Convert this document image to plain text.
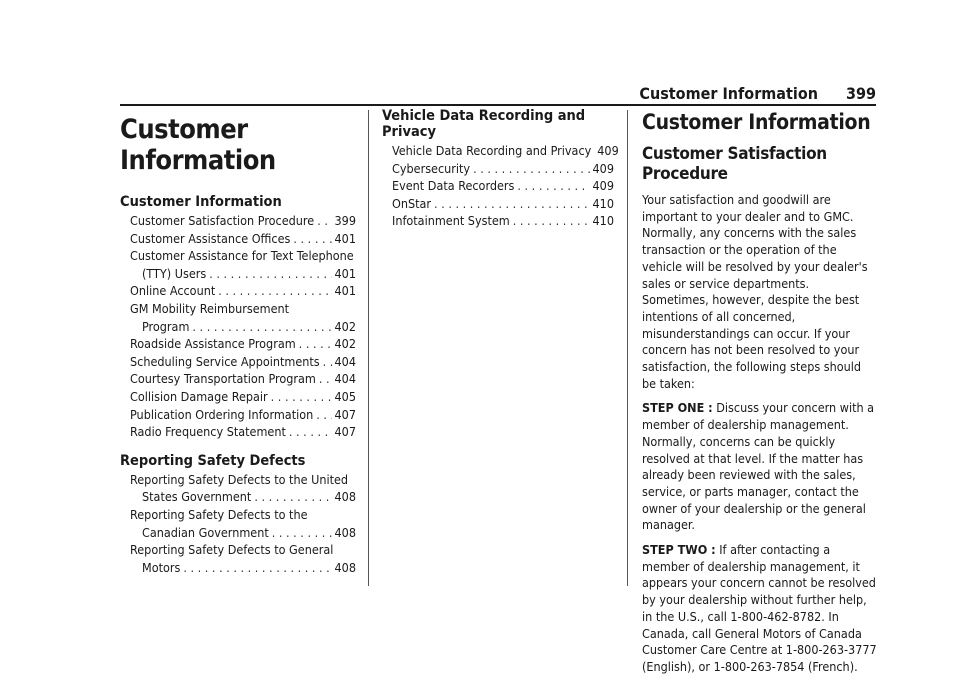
Customer Information 399
Customer Information
Customer Information
Customer Satisfaction Procedure . . . 399
Customer Assistance Offices . . .	401
Customer Assistance for Text Telephone
(TTY) Users . . .	401
Online Account . . .	401
GM Mobility Reimbursement
Program . . .	402
Roadside Assistance Program . . .	402
Scheduling Service Appointments . . . 404
Courtesy Transportation Program . . . 404
Collision Damage Repair . . .	405
Publication Ordering Information . . . 407
Radio Frequency Statement . . .	407
Reporting Safety Defects
Reporting Safety Defects to the United
States Government . . .	408
Reporting Safety Defects to the
Canadian Government . . .	408
Reporting Safety Defects to General
Motors . . .	408
Vehicle Data Recording and Privacy
Vehicle Data Recording and Privacy 409
Cybersecurity . . .	409
Event Data Recorders . . .	409
OnStar . . .	410
Infotainment System . . .	410
Customer Information
Customer Satisfaction Procedure

Your satisfaction and goodwill are important to your dealer and to GMC. Normally, any concerns with the sales transaction or the operation of the vehicle will be resolved by your dealer's sales or service departments. Sometimes, however, despite the best intentions of all concerned, misunderstandings can occur. If your concern has not been resolved to your satisfaction, the following steps should be taken:

STEP ONE : Discuss your concern with a member of dealership management. Normally, concerns can be quickly resolved at that level. If the matter has already been reviewed with the sales, service, or parts manager, contact the owner of your dealership or the general manager.

STEP TWO : If after contacting a member of dealership management, it appears your concern cannot be resolved by your dealership without further help, in the U.S., call 1-800-462-8782. In Canada, call General Motors of Canada Customer Care Centre at 1-800-263-3777 (English), or 1-800-263-7854 (French).
